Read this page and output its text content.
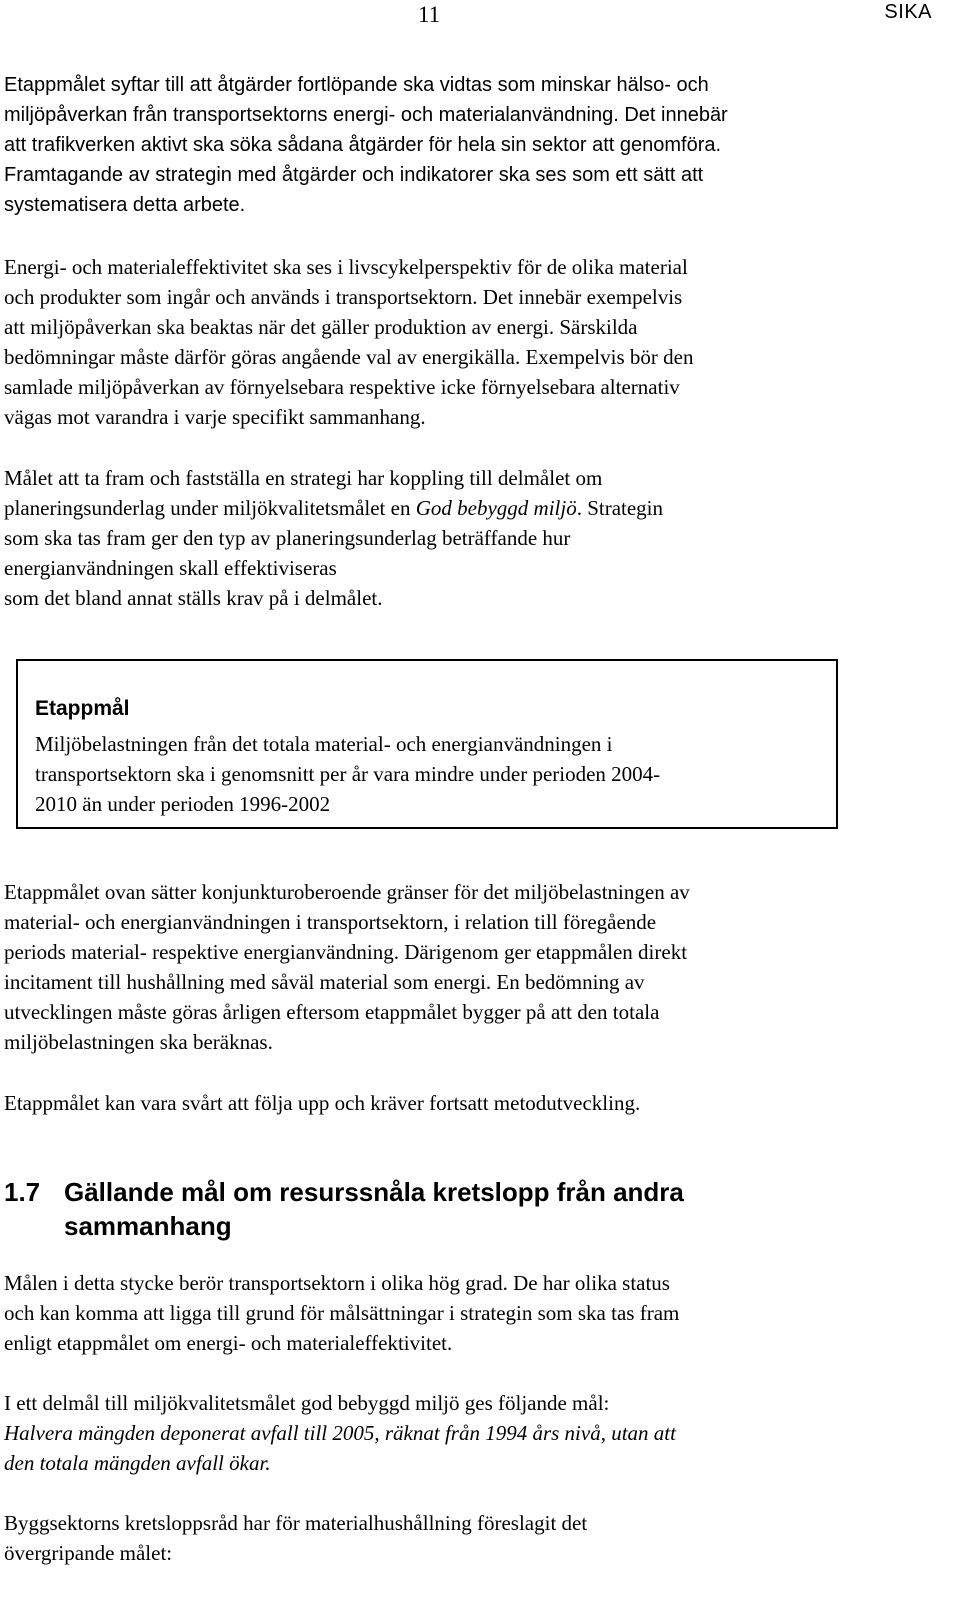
11	SIKA

Etappmålet syftar till att åtgärder fortlöpande ska vidtas som minskar hälso- och
miljöpåverkan från transportsektorns energi- och materialanvändning. Det innebär
att trafikverken aktivt ska söka sådana åtgärder för hela sin sektor att genomföra.
Framtagande av strategin med åtgärder och indikatorer ska ses som ett sätt att
systematisera detta arbete.

Energi- och materialeffektivitet ska ses i livscykelperspektiv för de olika material
och produkter som ingår och används i transportsektorn. Det innebär exempelvis
att miljöpåverkan ska beaktas när det gäller produktion av energi. Särskilda
bedömningar måste därför göras angående val av energikälla. Exempelvis bör den
samlade miljöpåverkan av förnyelsebara respektive icke förnyelsebara alternativ
vägas mot varandra i varje specifikt sammanhang.

Målet att ta fram och fastställa en strategi har koppling till delmålet om
planeringsunderlag under miljökvalitetsmålet en God bebyggd miljö. Strategin
som ska tas fram ger den typ av planeringsunderlag beträffande hur
energianvändningen skall effektiviseras
som det bland annat ställs krav på i delmålet.

Etappmål

Miljöbelastningen från det totala material- och energianvändningen i
transportsektorn ska i genomsnitt per år vara mindre under perioden 2004-
2010 än under perioden 1996-2002

Etappmålet ovan sätter konjunkturoberoende gränser för det miljöbelastningen av
material- och energianvändningen i transportsektorn, i relation till föregående
periods material- respektive energianvändning. Därigenom ger etappmålen direkt
incitament till hushållning med såväl material som energi. En bedömning av
utvecklingen måste göras årligen eftersom etappmålet bygger på att den totala
miljöbelastningen ska beräknas.

Etappmålet kan vara svårt att följa upp och kräver fortsatt metodutveckling.

1.7 Gällande mål om resurssnåla kretslopp från andra
sammanhang

Målen i detta stycke berör transportsektorn i olika hög grad. De har olika status
och kan komma att ligga till grund för målsättningar i strategin som ska tas fram
enligt etappmålet om energi- och materialeffektivitet.

I ett delmål till miljökvalitetsmålet god bebyggd miljö ges följande mål:
Halvera mängden deponerat avfall till 2005, räknat från 1994 års nivå, utan att
den totala mängden avfall ökar.

Byggsektorns kretsloppsråd har för materialhushållning föreslagit det
övergripande målet:
